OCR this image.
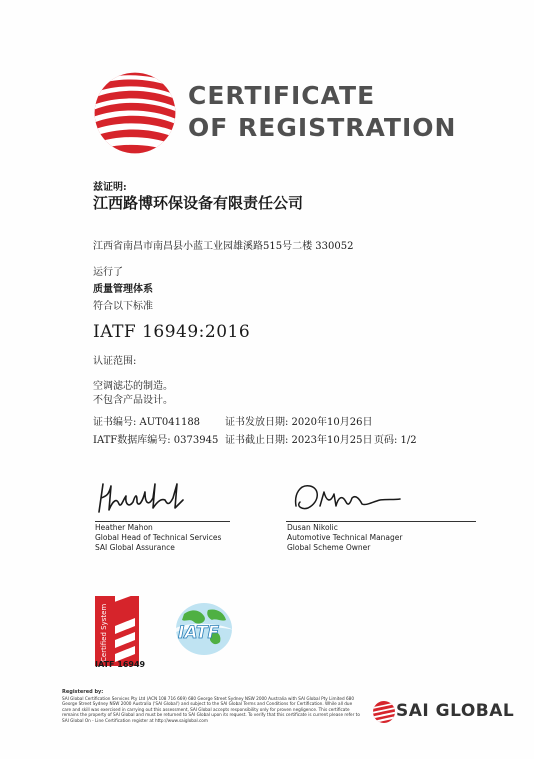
CERTIFICATE
OF REGISTRATION
兹证明:
江西路博环保设备有限责任公司
江西省南昌市南昌县小蓝工业园雄溪路515号二楼 330052
运行了
质量管理体系
符合以下标准
IATF 16949:2016
认证范围:
空调滤芯的制造。
不包含产品设计。
证书编号: AUT041188 证书发放日期: 2020年10月26日
IATF数据库编号: 0373945 证书截止日期: 2023年10月25日 页码: 1/2
Heather Mahon
Global Head of Technical Services
SAI Global Assurance
Dusan Nikolic
Automotive Technical Manager
Global Scheme Owner
Certified System
IATF 16949
IATF
Registered by:
SAI Global Certification Services Pty Ltd (ACN 108 716 669) 680 George Street Sydney NSW 2000 Australia with SAI Global Pty Limited 680 George Street Sydney NSW 2000 Australia ('SAI Global') and subject to the SAI Global Terms and Conditions for Certification. While all due care and skill was exercised in carrying out this assessment, SAI Global accepts responsibility only for proven negligence. This certificate remains the property of SAI Global and must be returned to SAI Global upon its request. To verify that this certificate is current please refer to SAI Global On - Line Certification register at http://www.saiglobal.com	SAI GLOBAL
